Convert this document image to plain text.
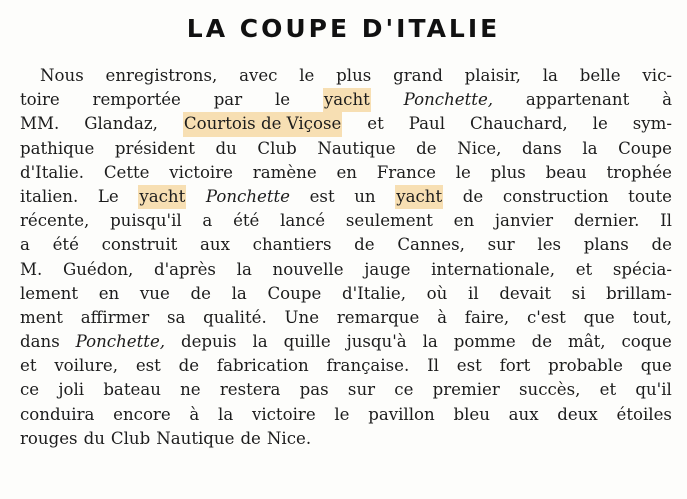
LA COUPE D'ITALIE
Nous enregistrons, avec le plus grand plaisir, la belle vic-
toire remportée par le yacht Ponchette, appartenant à
MM. Glandaz, Courtois de Viçose et Paul Chauchard, le sym-
pathique président du Club Nautique de Nice, dans la Coupe
d'Italie. Cette victoire ramène en France le plus beau trophée
italien. Le yacht Ponchette est un yacht de construction toute
récente, puisqu'il a été lancé seulement en janvier dernier. Il
a été construit aux chantiers de Cannes, sur les plans de
M. Guédon, d'après la nouvelle jauge internationale, et spécia-
lement en vue de la Coupe d'Italie, où il devait si brillam-
ment affirmer sa qualité. Une remarque à faire, c'est que tout,
dans Ponchette, depuis la quille jusqu'à la pomme de mât, coque
et voilure, est de fabrication française. Il est fort probable que
ce joli bateau ne restera pas sur ce premier succès, et qu'il
conduira encore à la victoire le pavillon bleu aux deux étoiles
rouges du Club Nautique de Nice.
